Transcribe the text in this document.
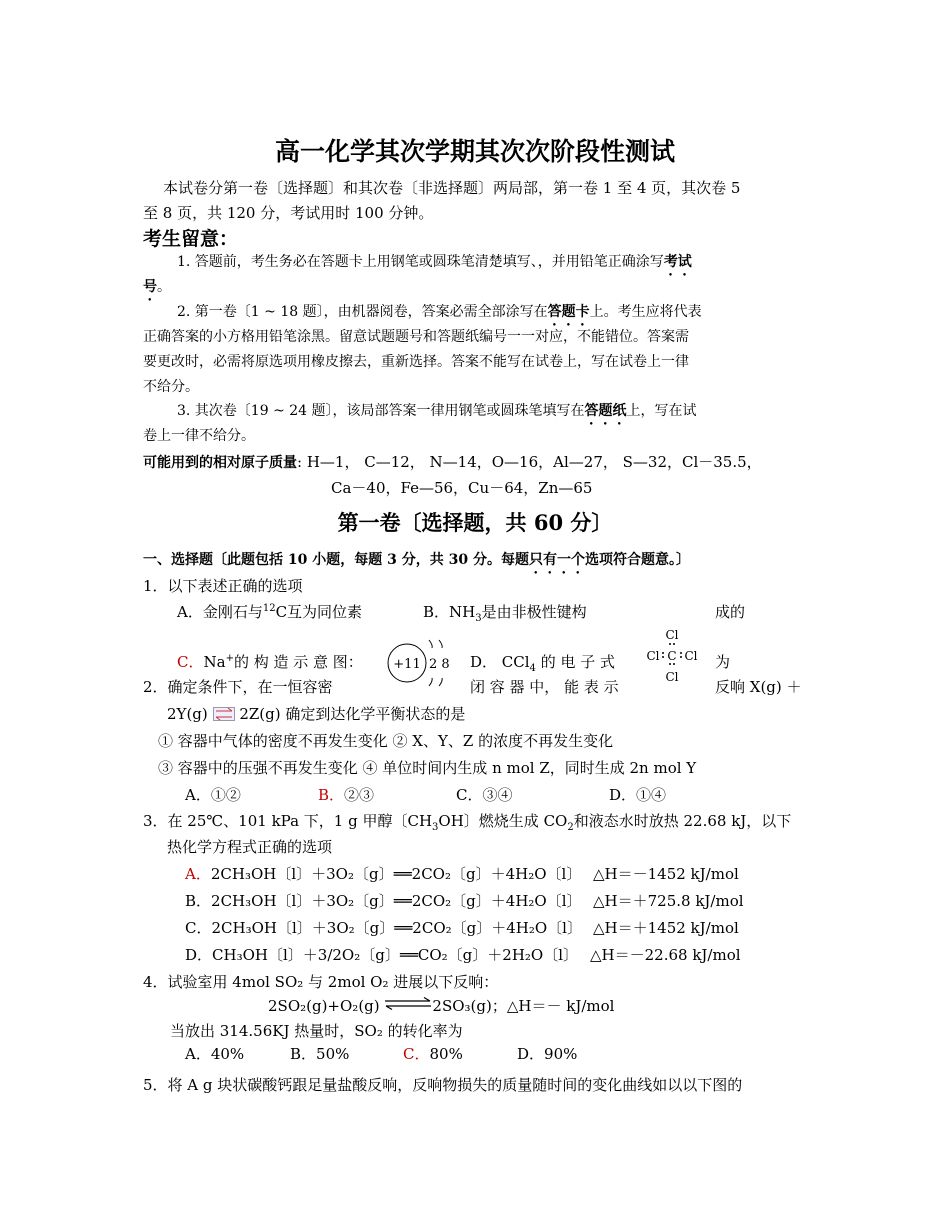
高一化学其次学期其次次阶段性测试
本试卷分第一卷〔选择题〕和其次卷〔非选择题〕两局部，第一卷 1 至 4 页，其次卷 5
至 8 页，共 120 分，考试用时 100 分钟。
考生留意：
1. 答题前，考生务必在答题卡上用钢笔或圆珠笔清楚填写、，并用铅笔正确涂写考试
号。
2. 第一卷〔1 ~ 18 题〕，由机器阅卷，答案必需全部涂写在答题卡上。考生应将代表
正确答案的小方格用铅笔涂黑。留意试题题号和答题纸编号一一对应，不能错位。答案需
要更改时，必需将原选项用橡皮擦去，重新选择。答案不能写在试卷上，写在试卷上一律
不给分。
3. 其次卷〔19 ~ 24 题〕，该局部答案一律用钢笔或圆珠笔填写在答题纸上，写在试
卷上一律不给分。
可能用到的相对原子质量: H—1， C—12， N—14，O—16，Al—27， S—32，Cl－35.5，
Ca－40，Fe—56，Cu－64，Zn—65
第一卷〔选择题，共 60 分〕
一、选择题〔此题包括 10 小题，每题 3 分，共 30 分。每题只有一个选项符合题意。〕
1．以下表述正确的选项
A．金刚石与$^{12}$C互为同位素	B．$NH_3$是由非极性键构	成的
C．Na+的 构 造 示 意 图： +11 2 8 D． CCl$_4$ 的 电 子 式
Cl
Cl C Cl
Cl
为
2．确定条件下，在一恒容密	闭 容 器 中， 能 表 示	反响 X(g) ＋
2Y(g) 2Z(g) 确定到达化学平衡状态的是
① 容器中气体的密度不再发生变化 ② X、Y、Z 的浓度不再发生变化
③ 容器中的压强不再发生变化 ④ 单位时间内生成 n mol Z，同时生成 2n mol Y
A．①②	B．②③	C．③④	D．①④
3．在 25℃、101 kPa 下，1 g 甲醇〔$CH_3OH$〕燃烧生成 $CO_2$和液态水时放热 22.68 kJ，以下
热化学方程式正确的选项
A．2CH₃OH〔l〕＋3O₂〔g〕══2CO₂〔g〕＋4H₂O〔l〕 △H＝－1452 kJ/mol
B．2CH₃OH〔l〕＋3O₂〔g〕══2CO₂〔g〕＋4H₂O〔l〕 △H＝＋725.8 kJ/mol
C．2CH₃OH〔l〕＋3O₂〔g〕══2CO₂〔g〕＋4H₂O〔l〕 △H＝＋1452 kJ/mol
D．CH₃OH〔l〕＋3/2O₂〔g〕══CO₂〔g〕＋2H₂O〔l〕 △H＝－22.68 kJ/mol
4．试验室用 4mol SO₂ 与 2mol O₂ 进展以下反响：
2SO₂(g)+O₂(g) ⇌2SO₃(g)；△H＝－ kJ/mol
当放出 314.56KJ 热量时，SO₂ 的转化率为
A．40%	B．50%	C．80%	D．90%
5．将 A g 块状碳酸钙跟足量盐酸反响，反响物损失的质量随时间的变化曲线如以以下图的
